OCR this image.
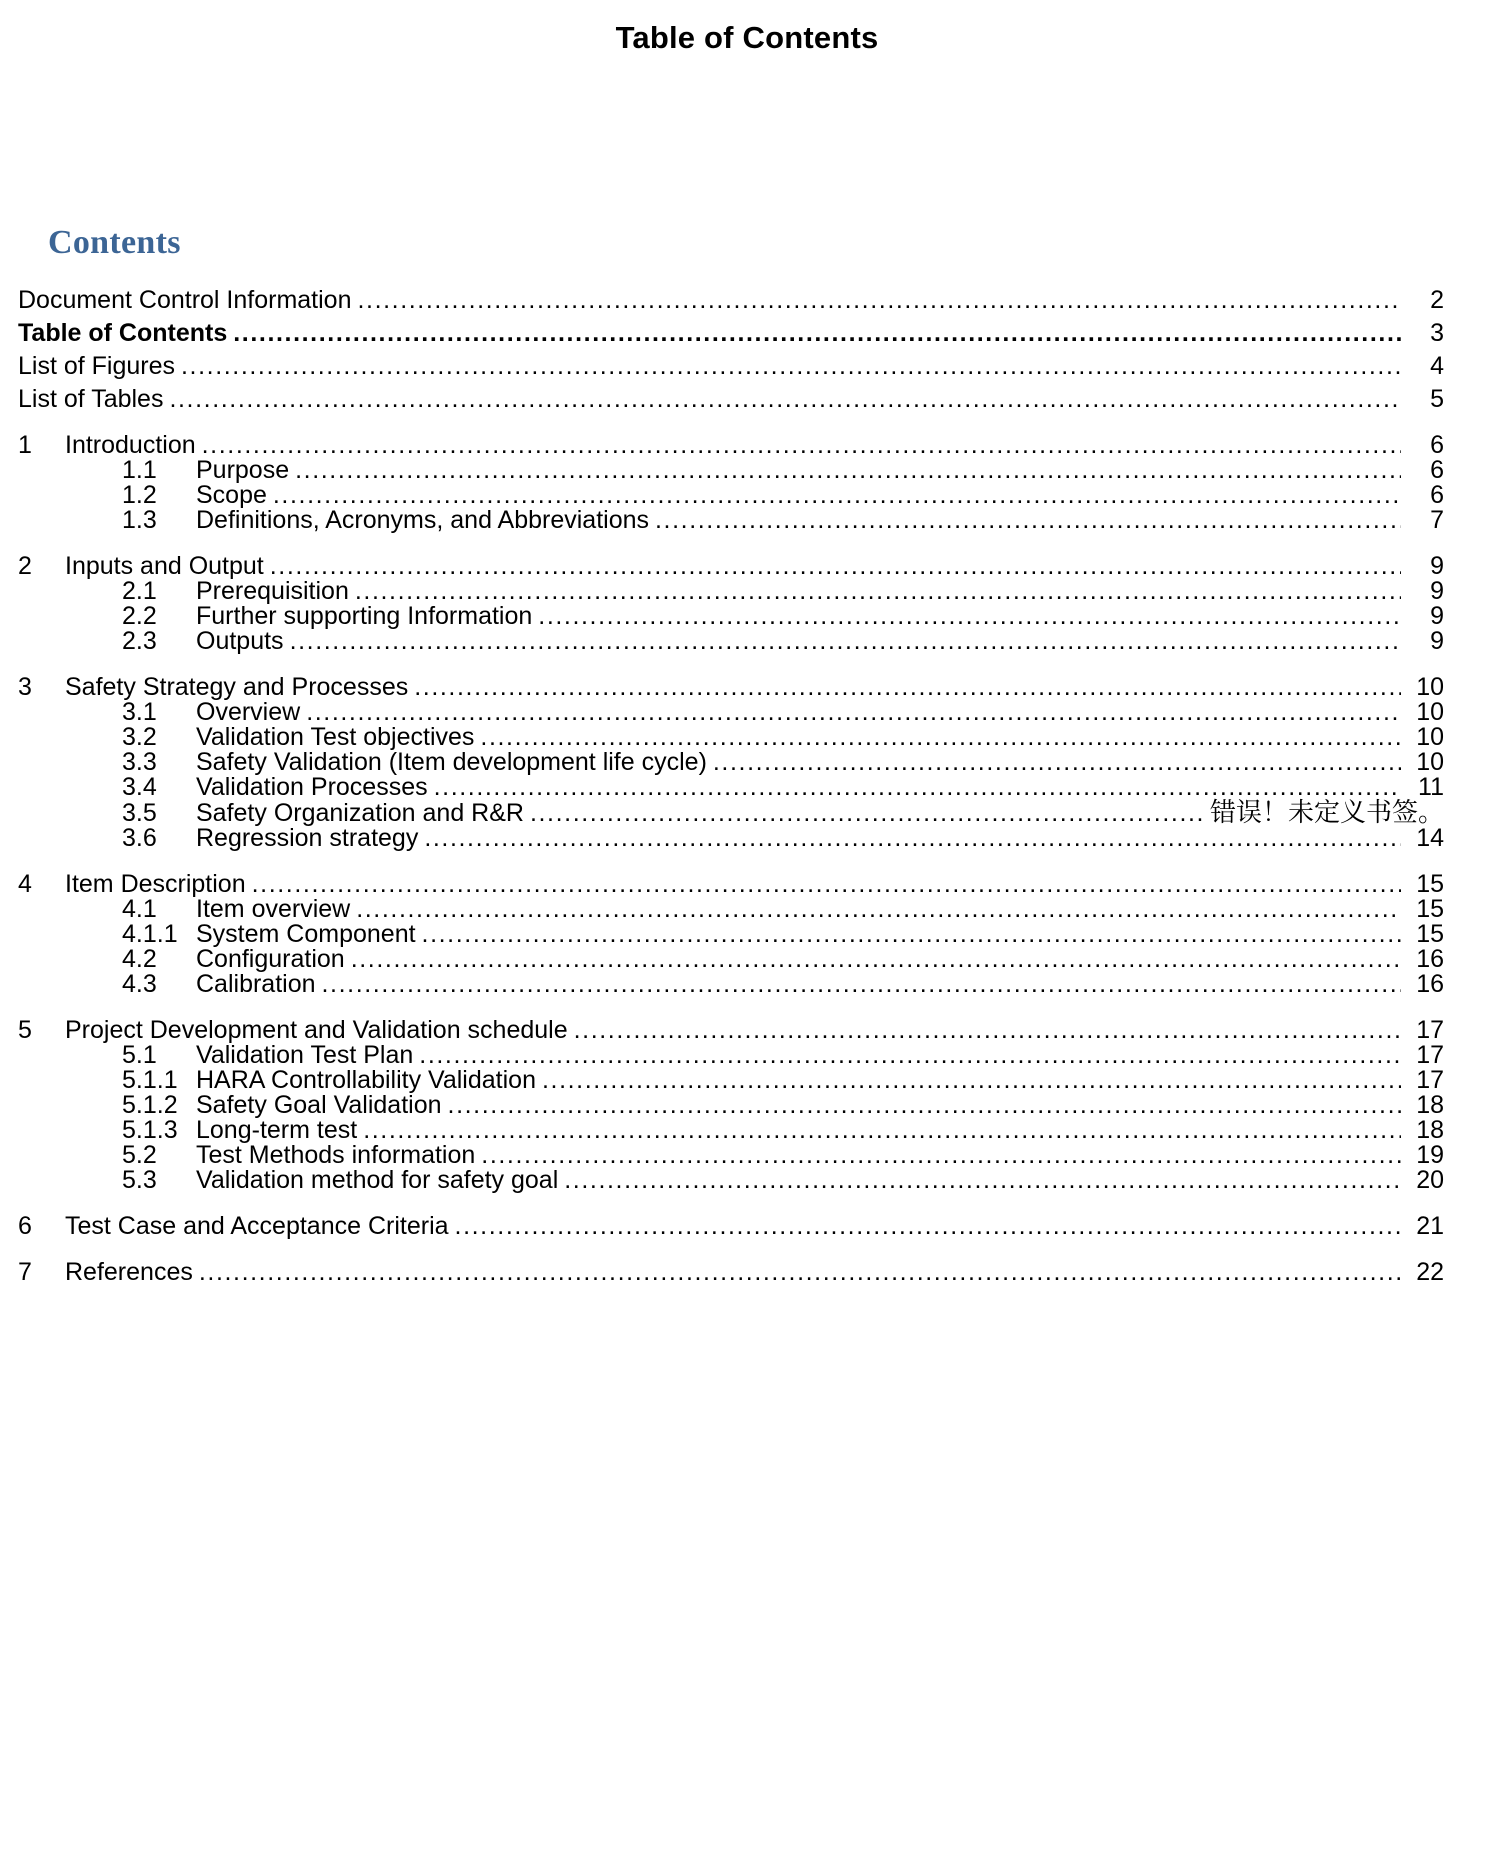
Table of Contents
Contents
Document Control Information .....	2
Table of Contents .....	3
List of Figures .....	4
List of Tables .....	5
1	Introduction .....	6
1.1	Purpose .....	6
1.2	Scope .....	6
1.3	Definitions, Acronyms, and Abbreviations .....	7
2	Inputs and Output .....	9
2.1	Prerequisition .....	9
2.2	Further supporting Information .....	9
2.3	Outputs .....	9
3	Safety Strategy and Processes .....	10
3.1	Overview .....	10
3.2	Validation Test objectives .....	10
3.3	Safety Validation (Item development life cycle) .....	10
3.4	Validation Processes .....	11
3.5	Safety Organization and R&R .....	错误！未定义书签。
3.6	Regression strategy .....	14
4	Item Description .....	15
4.1	Item overview .....	15
4.1.1 System Component .....	15
4.2	Configuration .....	16
4.3	Calibration .....	16
5	Project Development and Validation schedule .....	17
5.1	Validation Test Plan .....	17
5.1.1 HARA Controllability Validation .....	17
5.1.2 Safety Goal Validation .....	18
5.1.3 Long-term test .....	18
5.2	Test Methods information .....	19
5.3	Validation method for safety goal .....	20
6	Test Case and Acceptance Criteria .....	21
7	References .....	22
